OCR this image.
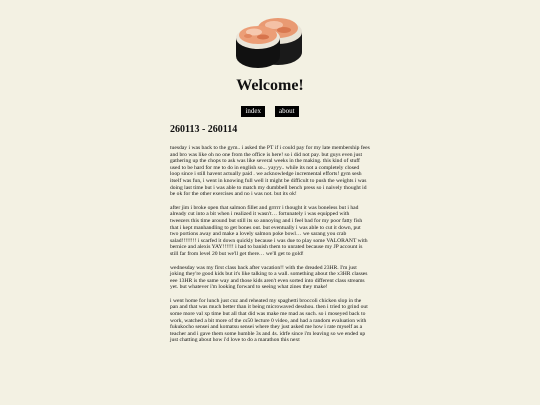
Welcome!
index	about
260113 - 260114

tuesday i was back to the gym.. i asked the PT if i could pay for my late membership fees and bro was like oh no one from the office is here! so i did not pay. but guys even just gathering up the chops to ask was like several weeks in the making. this kind of stuff used to be hard for me to do in english so... yayyy.. while its not a completely closed loop since i still havent actually paid . we acknowledge incremental efforts! gym sesh itself was fun, i went in knowing full well it might be difficult to push the weights i was doing last time but i was able to match my dumbbell bench press so i naively thought id be ok for the other exercises and no i was not. but its ok!

after jim i broke open that salmon fillet and grrrrr i thought it was boneless but i had already cut into a bit when i realized it wasn't… fortunately i was equipped with tweezers this time around but still its so annoying and i feel bad for my poor fatty fish that i kept manhandling to get bones out. but eventually i was able to cut it down, put two portions away and make a lovely salmon poke bowl… we sarang you crab salad!!!!!!!! i scarfed it down quickly because i was due to play some VALORANT with bernice and alexis YAY!!!!!! i had to banish them to unrated because my JP account is still far from level 20 but we'll get there… we'll get to gold!

wednesday was my first class back after vacation!! with the dreaded 23HR. I'm just joking they're good kids but it's like talking to a wall. something about the x3HR classes eee 13HR is the same way and those kids aren't even sorted into different class streams yet. but whatever i'm looking forward to seeing what zines they make!

i went home for lunch just cuz and reheated my spaghetti broccoli chicken slop in the pan and that was much better than it being microwaved desshou. then i tried to grind out some more val xp time but all that did was make me mad as such. so i moseyed back to work, watched a bit more of the cs50 lecture 0 video, and had a random evaluation with fukukocho sensei and komatsu sensei where they just asked me how i rate myself as a teacher and i gave them some humble 3s and 4s. idrfe since i'm leaving so we ended up just chatting about how i'd love to do a marathon this next
